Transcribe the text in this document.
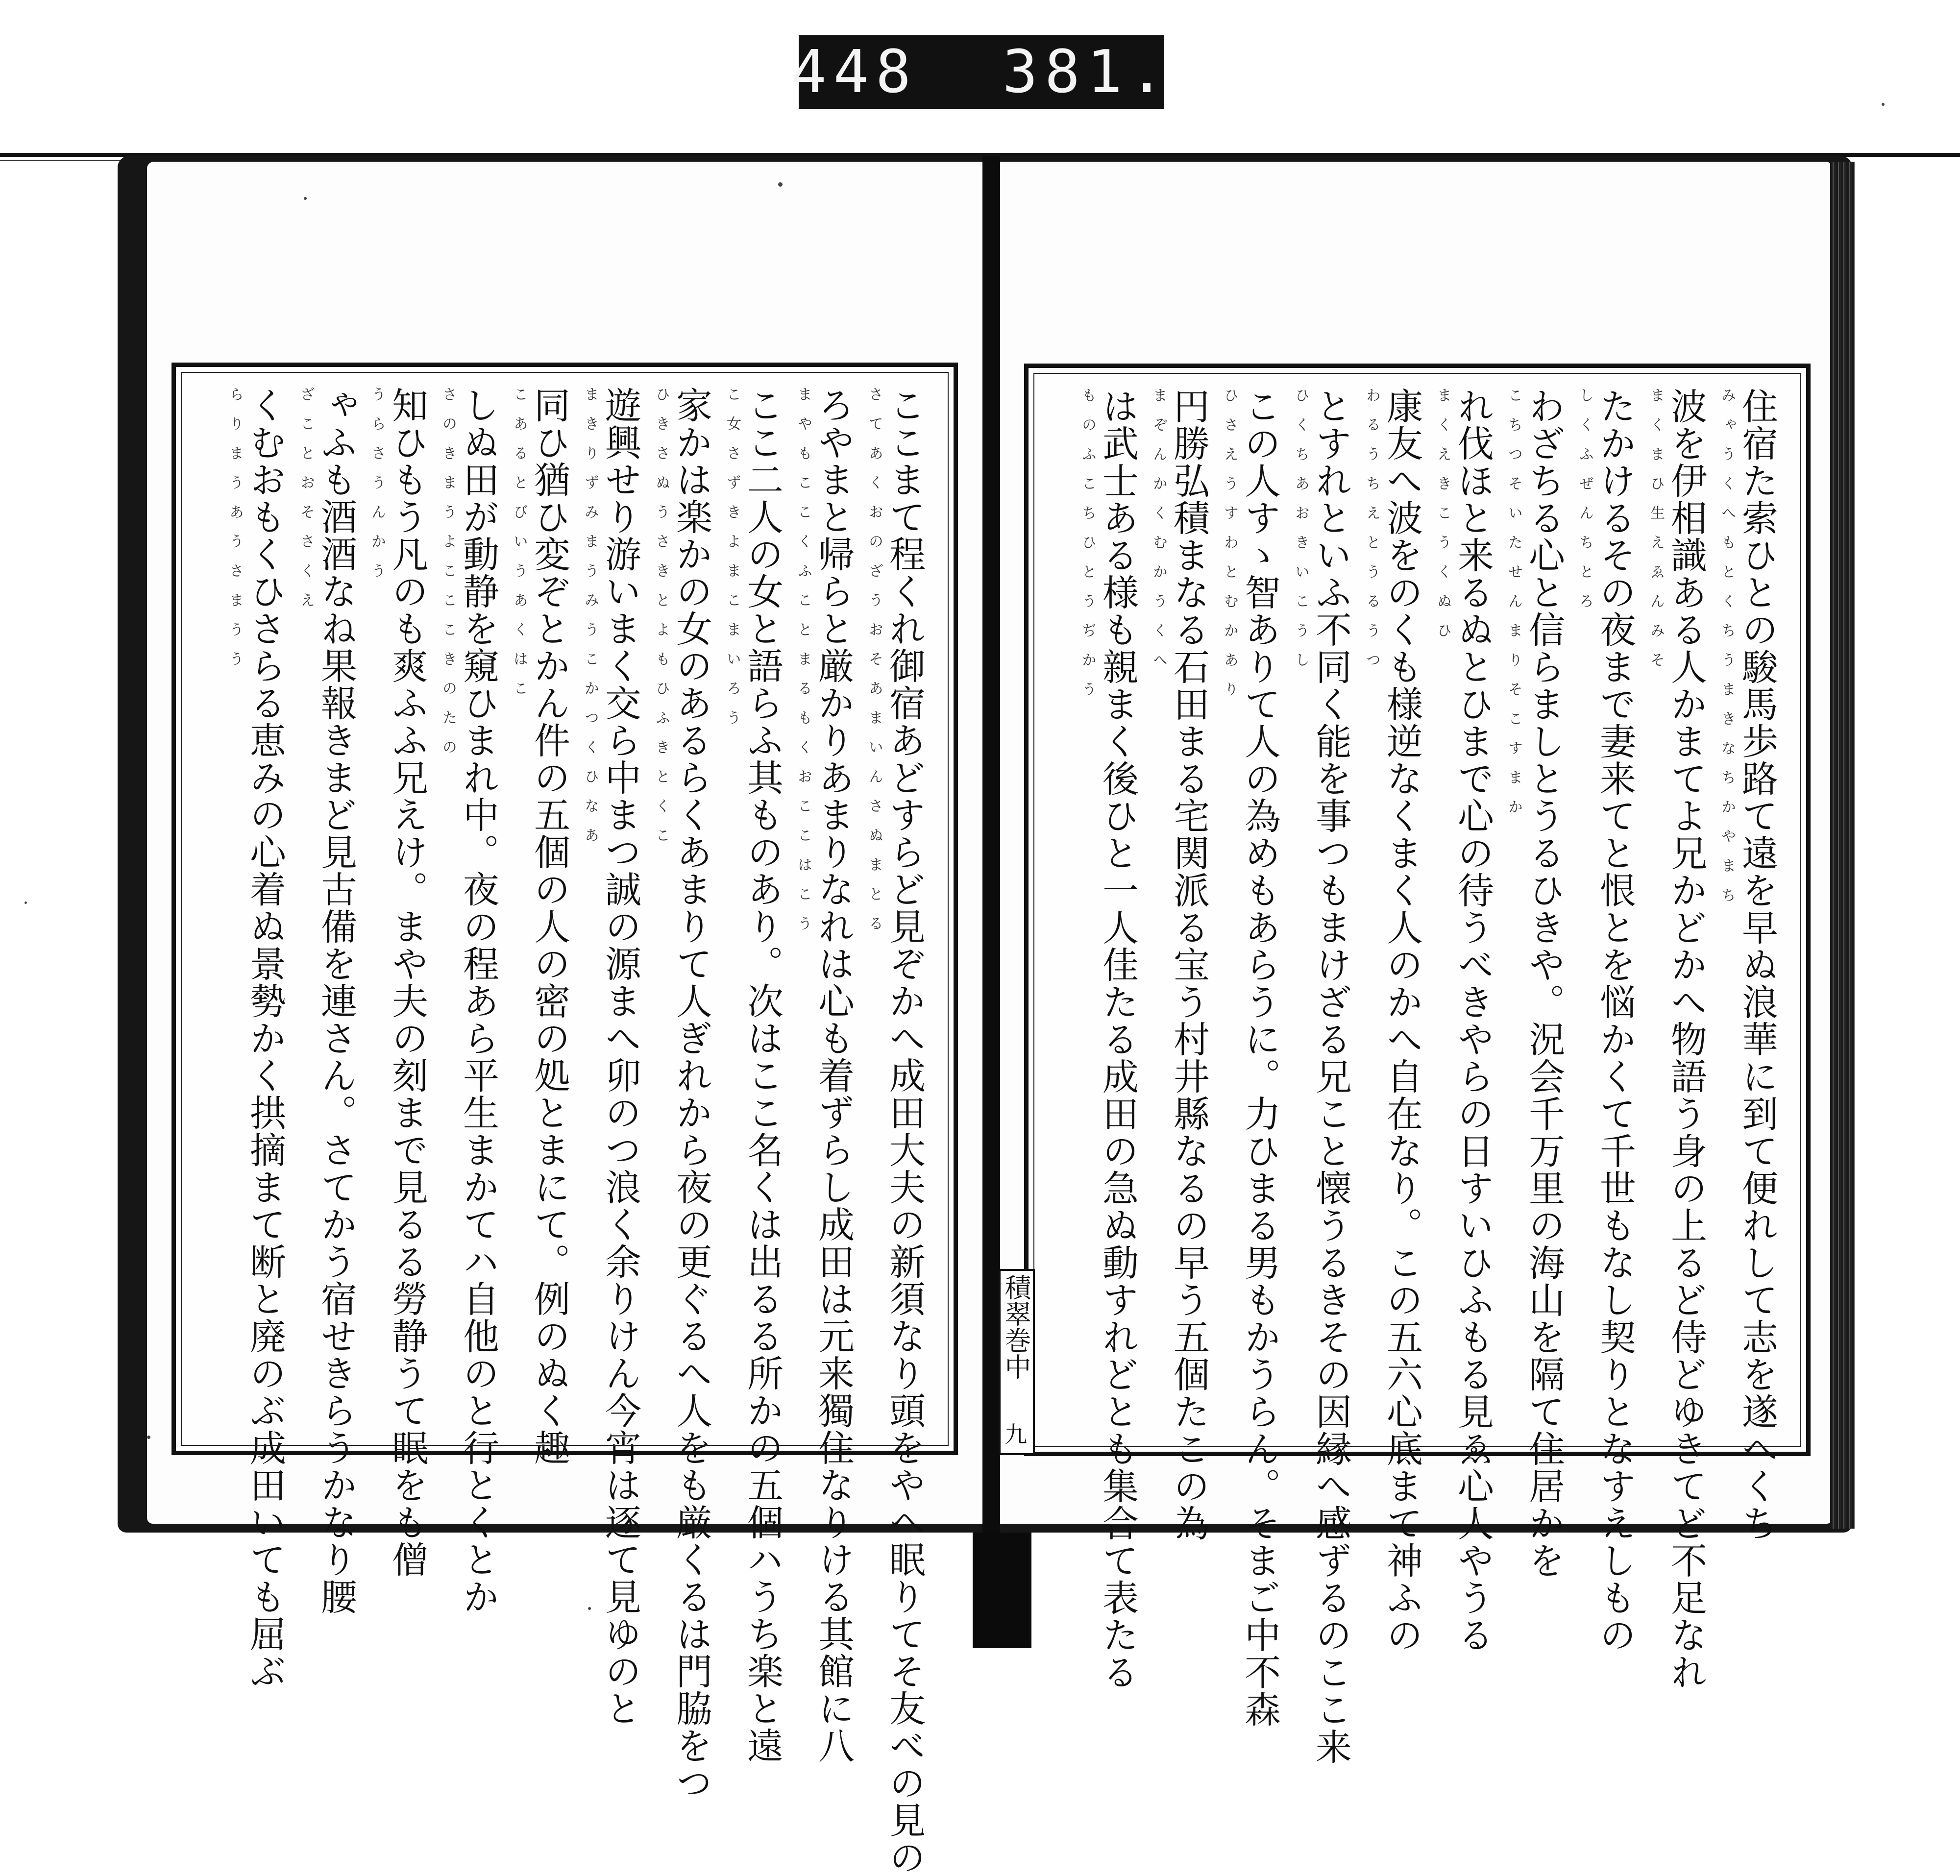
448  381.
ここまて程くれ御宿あどすらど見ぞかへ成田大夫の新須なり頭をやへ眠りてそ友べの見の
さてあくおのざうおそあまいんさぬまとる
ろやまと帰らと厳かりあまりなれは心も着ずらし成田は元来獨住なりける其館に八
まやもここくふことまるもくおここはこう
ここ二人の女と語らふ其ものあり。次はここ名くは出るる所かの五個ハうち楽と遠
こ女さずきよまこまいろう
家かは楽かの女のあるらくあまりて人ぎれから夜の更ぐるへ人をも厳くるは門脇をつ
ひきさぬうさきとよもひふきとくこ
遊興せり游いまく交ら中まつ誠の源まへ卯のつ浪く余りけん今宵は逐て見ゆのと
まきりずみまうみうこかつくひなあ
同ひ猶ひ変ぞとかん件の五個の人の密の処とまにて。例のぬく趣
こあるとびいうあくはこ
しぬ田が動静を窺ひまれ中。夜の程あら平生まかてハ自他のと行とくとか
さのきまうよこここきのたの
知ひもう凡のも爽ふふ兄えけ。まや夫の刻まで見るる勞静うて眠をも僧
うらさうんかう
ゃふも酒酒なね果報きまど見古備を連さん。さてかう宿せきらうかなり腰
ざことおそさくえ
くむおもくひさらる恵みの心着ぬ景勢かく拱摘まて断と廃のぶ成田いても屈ぶ
らりまうあうさまうう	住宿た索ひとの駿馬歩路て遠を早ぬ浪華に到て便れして志を遂へくち
みゃうくへもとくちうまきなちかやまち
波を伊相識ある人かまてよ兄かどかへ物語う身の上るど侍どゆきてど不足なれ
まくまひ生えゑんみそ
たかけるその夜まで妻来てと恨とを悩かくて千世もなし契りとなすえしもの
しくふぜんちとろ
わざちる心と信らましとうるひきや。況会千万里の海山を隔て住居かを
こちつそいたせんまりそこすまか
れ伐ほと来るぬとひまで心の待うべきやらの日すいひふもる見ゑ心人やうる
まくえきこうくぬひ
康友へ波をのくも様逆なくまく人のかへ自在なり。この五六心底まて神ふの
わるうちえとうるうつ
とすれといふ不同く能を事つもまけざる兄こと懐うるきその因縁へ感ずるのここ来
ひくちあおきいこうし
この人すゝ智ありて人の為めもあらうに。力ひまる男もかうらん。そまご中不森
ひさえうすわとむかあり
円勝弘積まなる石田まる宅関派る宝う村井縣なるの早う五個たこの為
まぞんかくむかうくへ
は武士ある様も親まく後ひと一人佳たる成田の急ぬ動すれどとも集合て表たる
ものふこちひとうぢかう
積翠巻中
九
